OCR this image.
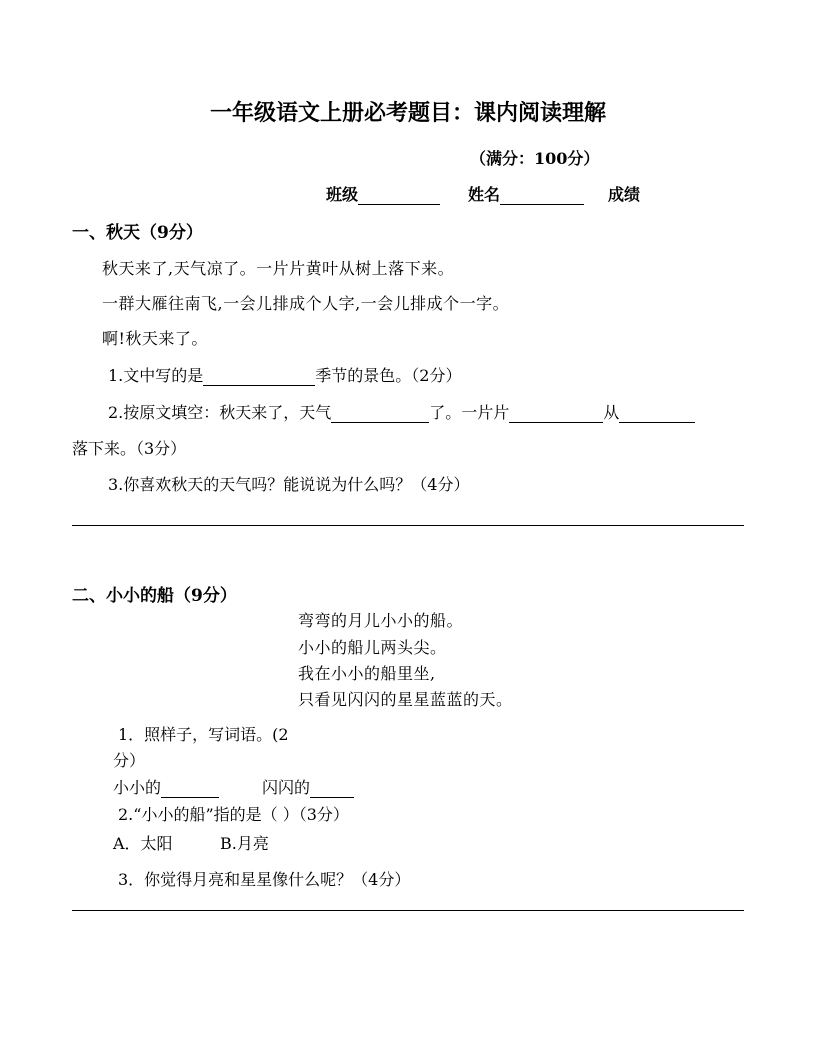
一年级语文上册必考题目：课内阅读理解
（满分：100分）
班级	姓名	成绩
一、秋天（9分）
秋天来了,天气凉了。一片片黄叶从树上落下来。
一群大雁往南飞,一会儿排成个人字,一会儿排成个一字。
啊!秋天来了。
1.文中写的是	季节的景色。（2分）
2.按原文填空：秋天来了，天气	了。一片片	从
落下来。（3分）
3.你喜欢秋天的天气吗？能说说为什么吗？（4分）
二、小小的船（9分）
弯弯的月儿小小的船。
小小的船儿两头尖。
我在小小的船里坐,
只看见闪闪的星星蓝蓝的天。
1．照样子，写词语。(2
分）
小小的	闪闪的
2.“小小的船”指的是（ ）（3分）
A．太阳	B.月亮
3．你觉得月亮和星星像什么呢？（4分）
